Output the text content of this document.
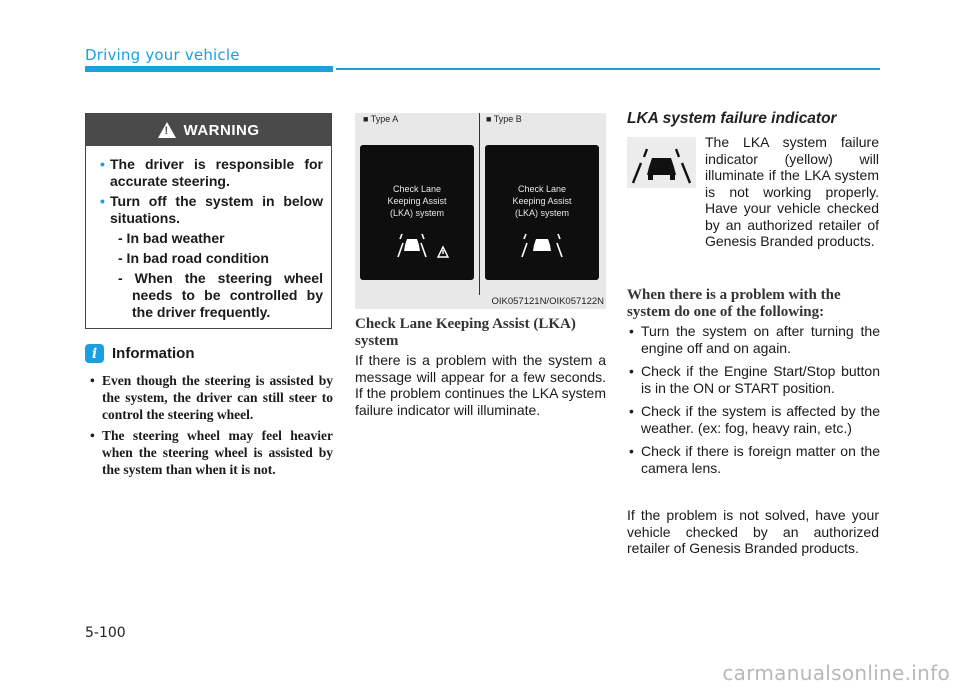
Driving your vehicle
!
WARNING
• The driver is responsible for accurate steering.
• Turn off the system in below situations.
- In bad weather
- In bad road condition
- When the steering wheel needs to be controlled by the driver frequently.
i Information
• Even though the steering is assisted by the system, the driver can still steer to control the steering wheel.
• The steering wheel may feel heavier when the steering wheel is assisted by the system than when it is not.
■ Type A	■ Type B
Check Lane
Keeping Assist
(LKA) system
Check Lane
Keeping Assist
(LKA) system
OIK057121N/OIK057122N
Check Lane Keeping Assist (LKA) system
If there is a problem with the system a message will appear for a few seconds. If the problem continues the LKA system failure indicator will illuminate.
LKA system failure indicator
The LKA system failure indicator (yellow) will illuminate if the LKA system is not working properly. Have your vehicle checked by an authorized retailer of Genesis Branded products.
When there is a problem with the system do one of the following:
• Turn the system on after turning the engine off and on again.
• Check if the Engine Start/Stop button is in the ON or START position.
• Check if the system is affected by the weather. (ex: fog, heavy rain, etc.)
• Check if there is foreign matter on the camera lens.
If the problem is not solved, have your vehicle checked by an authorized retailer of Genesis Branded products.
5-100
carmanualsonline.info
